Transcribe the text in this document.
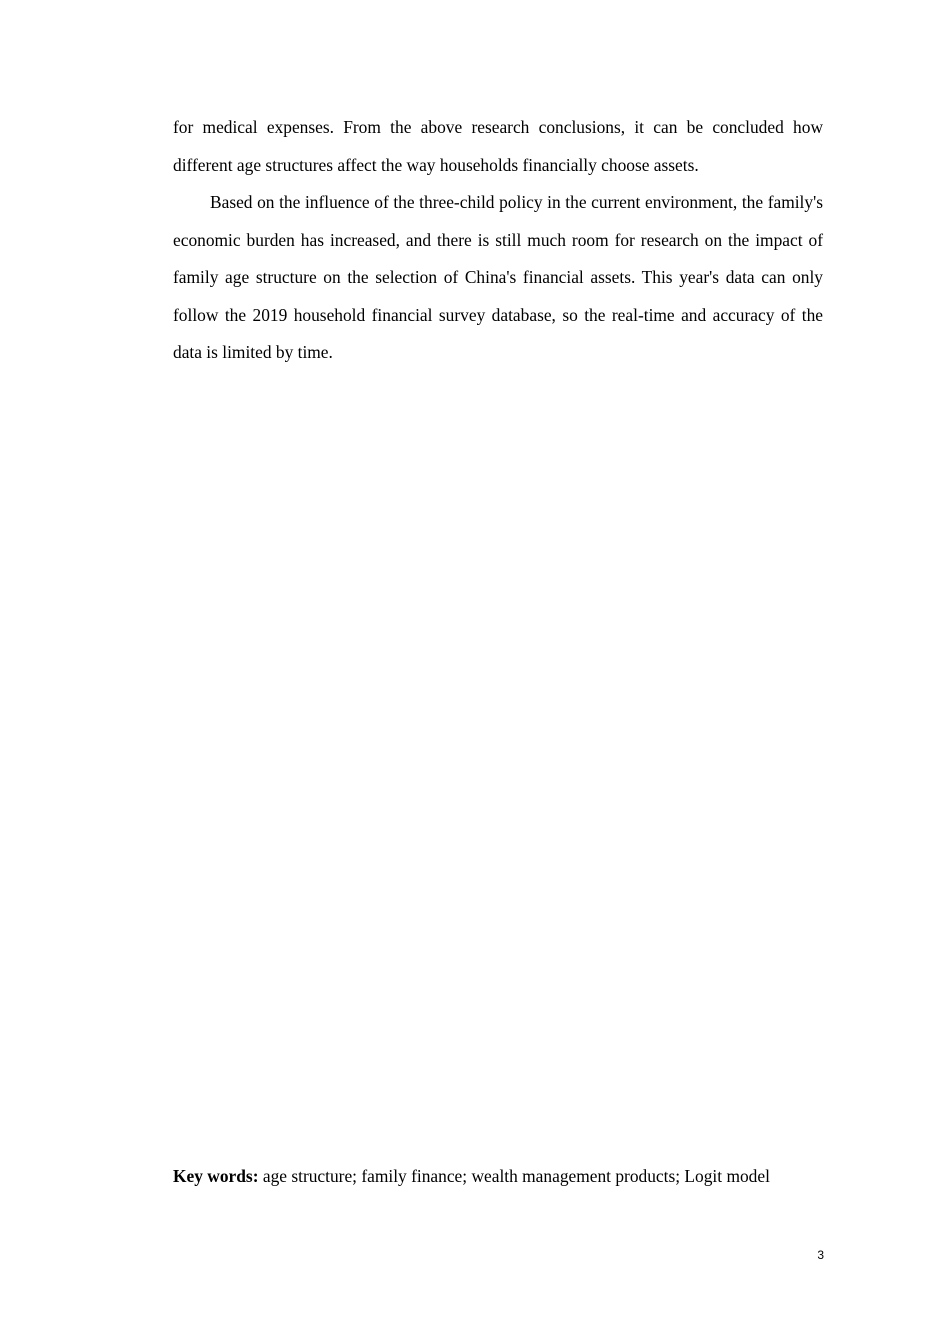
for medical expenses. From the above research conclusions, it can be concluded how different age structures affect the way households financially choose assets.

Based on the influence of the three-child policy in the current environment, the family's economic burden has increased, and there is still much room for research on the impact of family age structure on the selection of China's financial assets. This year's data can only follow the 2019 household financial survey database, so the real-time and accuracy of the data is limited by time.

Key words: age structure; family finance; wealth management products; Logit model

3
